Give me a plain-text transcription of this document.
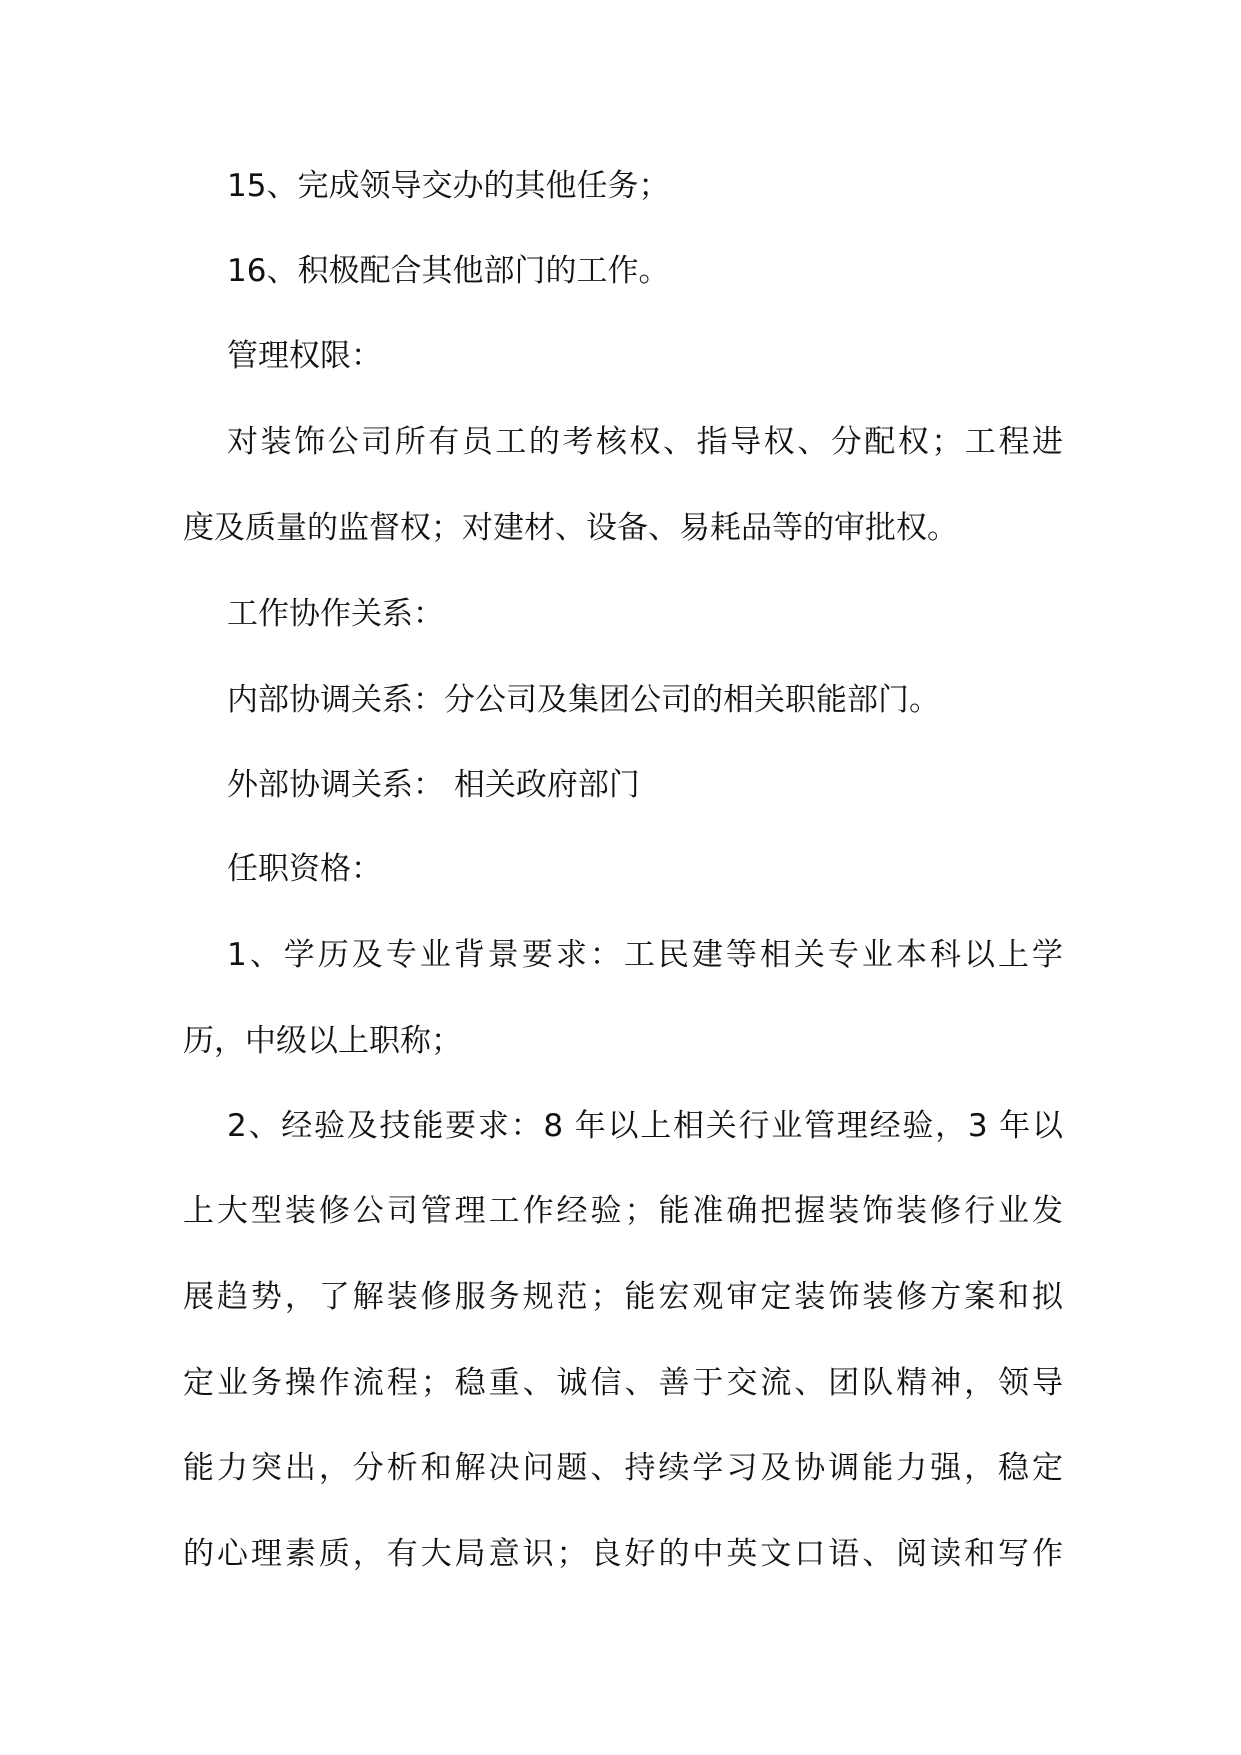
15、完成领导交办的其他任务；
16、积极配合其他部门的工作。
管理权限：
对装饰公司所有员工的考核权、指导权、分配权；工程进
度及质量的监督权；对建材、设备、易耗品等的审批权。
工作协作关系：
内部协调关系：分公司及集团公司的相关职能部门。
外部协调关系： 相关政府部门
任职资格：
1、学历及专业背景要求：工民建等相关专业本科以上学
历，中级以上职称；
2、经验及技能要求：8 年以上相关行业管理经验，3 年以
上大型装修公司管理工作经验；能准确把握装饰装修行业发
展趋势，了解装修服务规范；能宏观审定装饰装修方案和拟
定业务操作流程；稳重、诚信、善于交流、团队精神，领导
能力突出，分析和解决问题、持续学习及协调能力强，稳定
的心理素质，有大局意识；良好的中英文口语、阅读和写作
